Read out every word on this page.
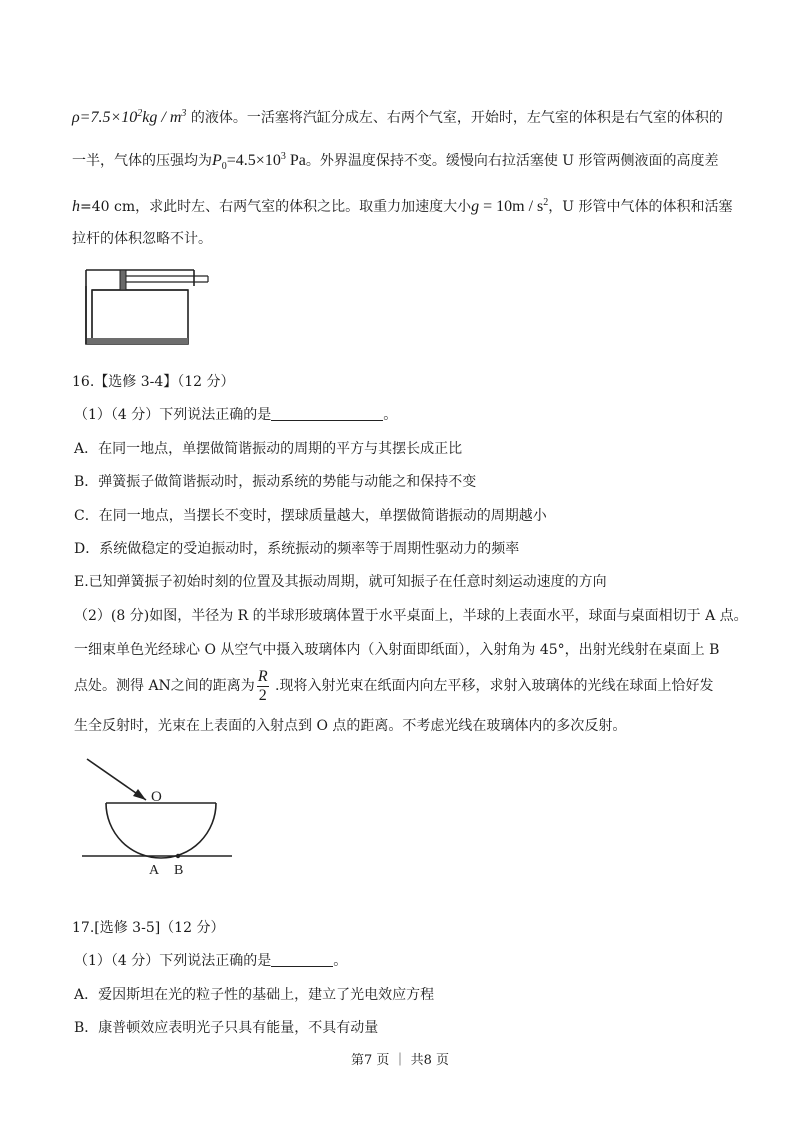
$\rho=7.5\times 10^2kg / m^3$ 的液体。一活塞将汽缸分成左、右两个气室，开始时，左气室的体积是右气室的体积的
一半，气体的压强均为$P_0=4.5\times 10^3$ Pa。外界温度保持不变。缓慢向右拉活塞使 U 形管两侧液面的高度差
h=40 cm，求此时左、右两气室的体积之比。取重力加速度大小$g = 10m / s^2$，U 形管中气体的体积和活塞
拉杆的体积忽略不计。
16.【选修 3-4】（12 分）
（1）（4 分）下列说法正确的是	。
A．在同一地点，单摆做简谐振动的周期的平方与其摆长成正比
B．弹簧振子做简谐振动时，振动系统的势能与动能之和保持不变
C．在同一地点，当摆长不变时，摆球质量越大，单摆做简谐振动的周期越小
D．系统做稳定的受迫振动时，系统振动的频率等于周期性驱动力的频率
E.已知弹簧振子初始时刻的位置及其振动周期，就可知振子在任意时刻运动速度的方向
（2）(8 分)如图，半径为 R 的半球形玻璃体置于水平桌面上，半球的上表面水平，球面与桌面相切于 A 点。
一细束单色光经球心 O 从空气中摄入玻璃体内（入射面即纸面），入射角为 45°，出射光线射在桌面上 B
点处。测得 AN之间的距离为 $\frac{R}{2}$ .现将入射光束在纸面内向左平移，求射入玻璃体的光线在球面上恰好发
生全反射时，光束在上表面的入射点到 O 点的距离。不考虑光线在玻璃体内的多次反射。
O
A B
17.[选修 3-5]（12 分）
（1）（4 分）下列说法正确的是	。
A．爱因斯坦在光的粒子性的基础上，建立了光电效应方程
B．康普顿效应表明光子只具有能量，不具有动量
第7 页 ｜ 共8 页
